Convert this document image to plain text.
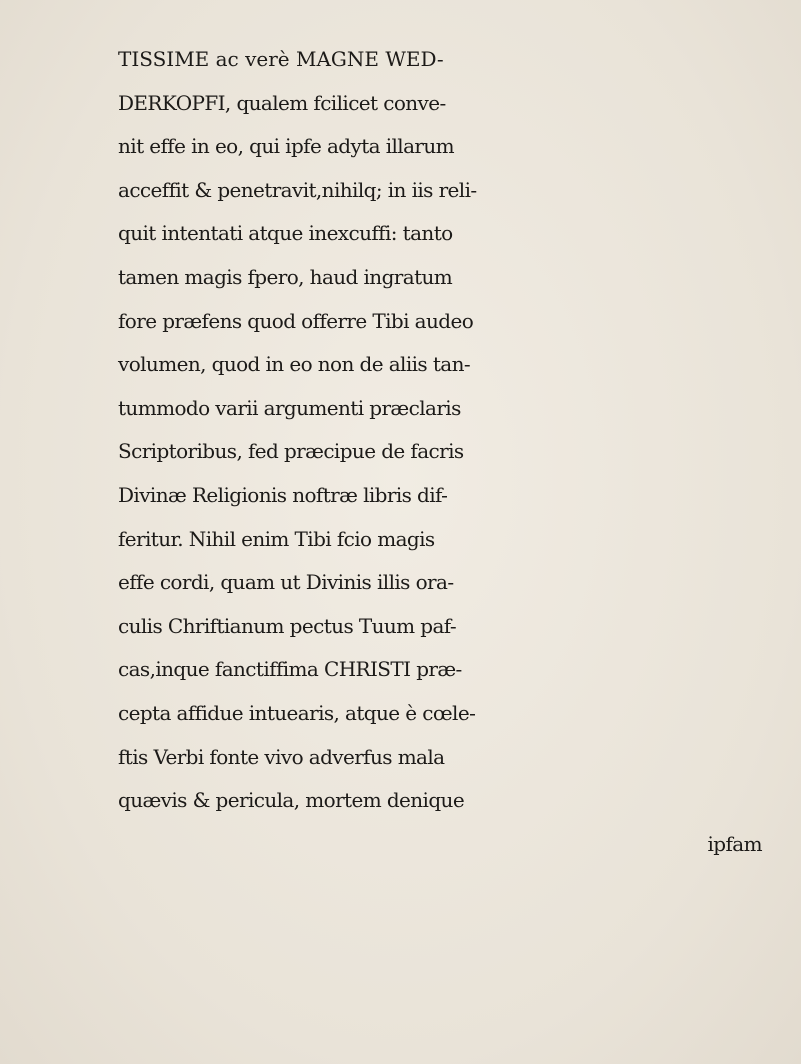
TISSIME ac verè MAGNE WED-
DERKOPFI, qualem fcilicet conve-
nit effe in eo, qui ipfe adyta illarum
acceffit & penetravit,nihilq; in iis reli-
quit intentati atque inexcuffi: tanto
tamen magis fpero, haud ingratum
fore præfens quod offerre Tibi audeo
volumen, quod in eo non de aliis tan-
tummodo varii argumenti præclaris
Scriptoribus, fed præcipue de facris
Divinæ Religionis noftræ libris dif-
feritur. Nihil enim Tibi fcio magis
effe cordi, quam ut Divinis illis ora-
culis Chriftianum pectus Tuum paf-
cas,inque fanctiffima CHRISTI præ-
cepta affidue intuearis, atque è cœle-
ftis Verbi fonte vivo adverfus mala
quævis & pericula, mortem denique
ipfam
